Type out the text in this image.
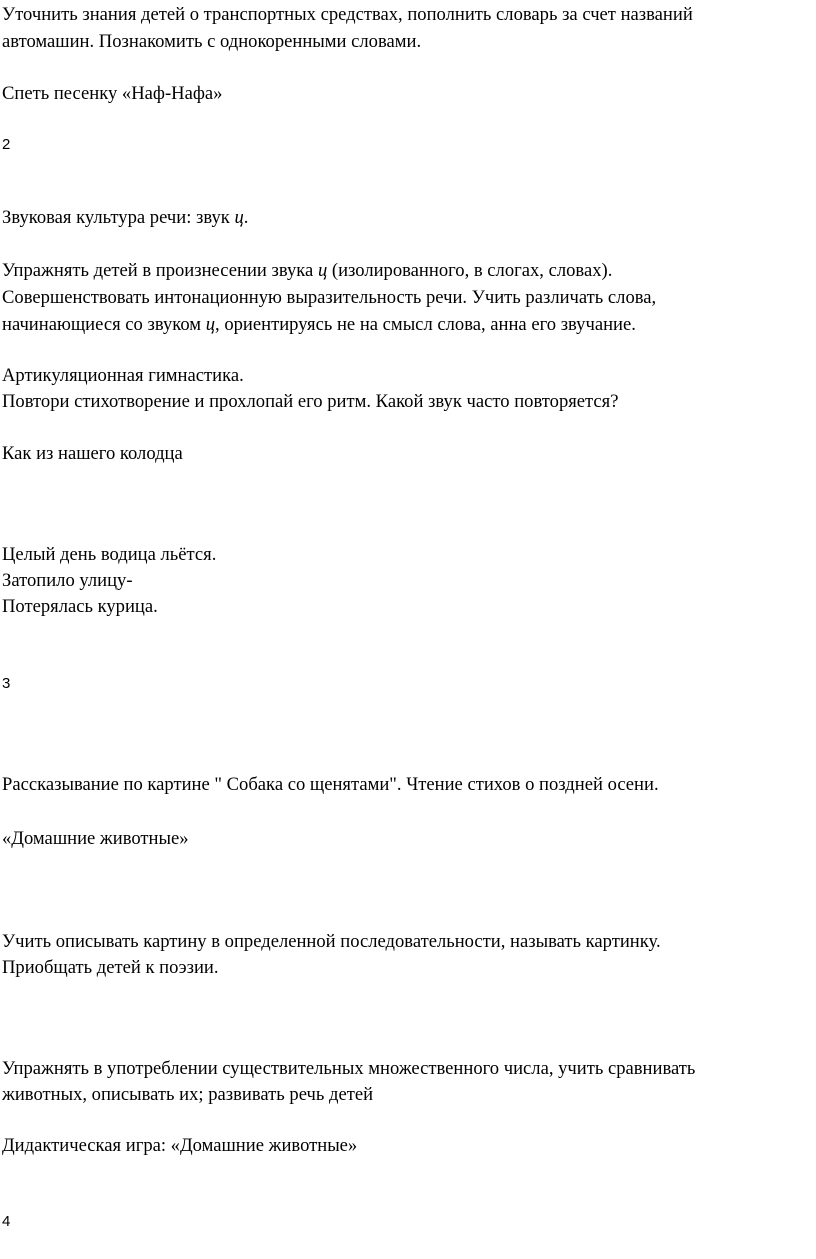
Уточнить знания детей о транспортных средствах, пополнить словарь за счет названий

автомашин. Познакомить с однокоренными словами.

Спеть песенку «Наф-Нафа»

2

Звуковая культура речи: звук ц.

Упражнять детей в произнесении звука ц (изолированного, в слогах, словах).

Совершенствовать интонационную выразительность речи. Учить различать слова,

начинающиеся со звуком ц, ориентируясь не на смысл слова, анна его звучание.

Артикуляционная гимнастика.

Повтори стихотворение и прохлопай его ритм. Какой звук часто повторяется?

Как из нашего колодца

Целый день водица льётся.

Затопило улицу-

Потерялась курица.

3

Рассказывание по картине " Собака со щенятами". Чтение стихов о поздней осени.

«Домашние животные»

Учить описывать картину в определенной последовательности, называть картинку.

Приобщать детей к поэзии.

Упражнять в употреблении существительных множественного числа, учить сравнивать

животных, описывать их; развивать речь детей

Дидактическая игра: «Домашние животные»

4
